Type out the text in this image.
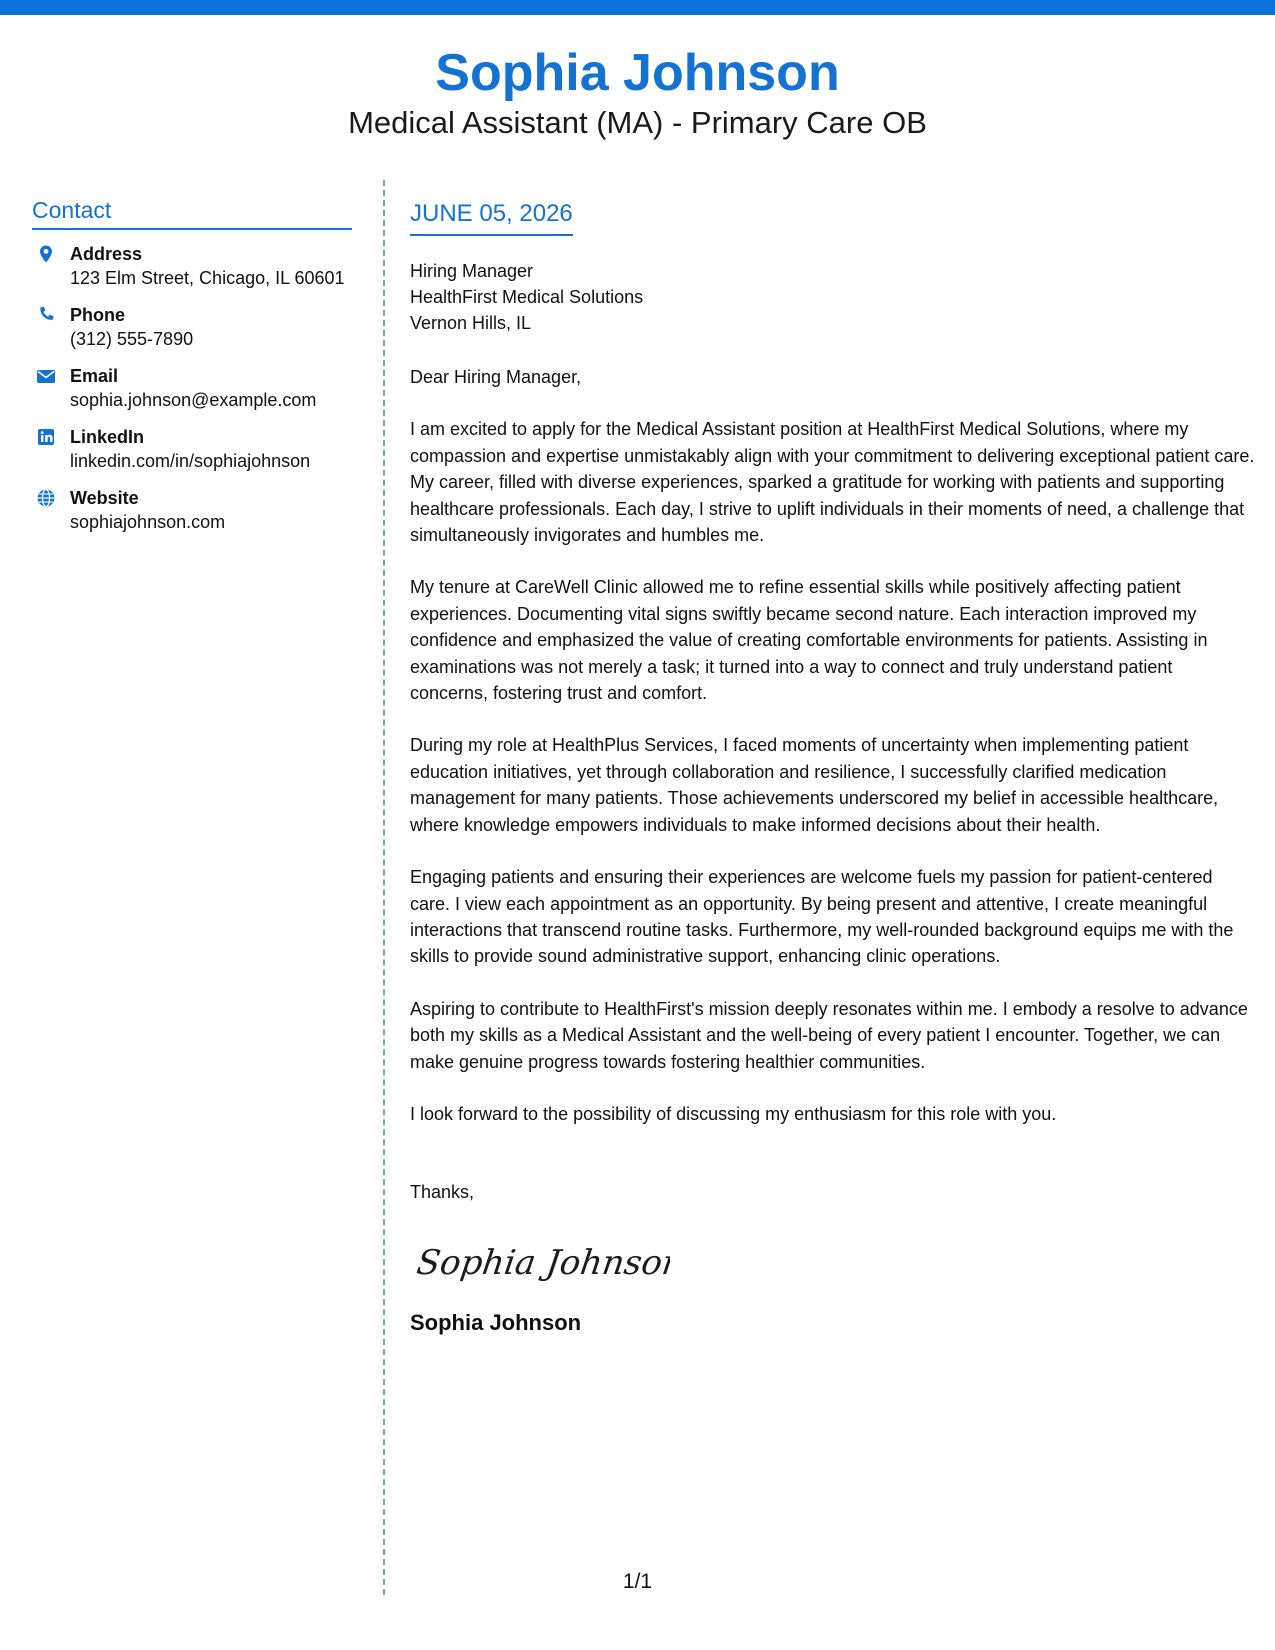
Sophia Johnson
Medical Assistant (MA) - Primary Care OB
Contact
Address
123 Elm Street, Chicago, IL 60601
Phone
(312) 555-7890
Email
sophia.johnson@example.com
LinkedIn
linkedin.com/in/sophiajohnson
Website
sophiajohnson.com
JUNE 05, 2026
Hiring Manager
HealthFirst Medical Solutions
Vernon Hills, IL
Dear Hiring Manager,
I am excited to apply for the Medical Assistant position at HealthFirst Medical Solutions, where my compassion and expertise unmistakably align with your commitment to delivering exceptional patient care. My career, filled with diverse experiences, sparked a gratitude for working with patients and supporting healthcare professionals. Each day, I strive to uplift individuals in their moments of need, a challenge that simultaneously invigorates and humbles me.
My tenure at CareWell Clinic allowed me to refine essential skills while positively affecting patient experiences. Documenting vital signs swiftly became second nature. Each interaction improved my confidence and emphasized the value of creating comfortable environments for patients. Assisting in examinations was not merely a task; it turned into a way to connect and truly understand patient concerns, fostering trust and comfort.
During my role at HealthPlus Services, I faced moments of uncertainty when implementing patient education initiatives, yet through collaboration and resilience, I successfully clarified medication management for many patients. Those achievements underscored my belief in accessible healthcare, where knowledge empowers individuals to make informed decisions about their health.
Engaging patients and ensuring their experiences are welcome fuels my passion for patient-centered care. I view each appointment as an opportunity. By being present and attentive, I create meaningful interactions that transcend routine tasks. Furthermore, my well-rounded background equips me with the skills to provide sound administrative support, enhancing clinic operations.
Aspiring to contribute to HealthFirst's mission deeply resonates within me. I embody a resolve to advance both my skills as a Medical Assistant and the well-being of every patient I encounter. Together, we can make genuine progress towards fostering healthier communities.
I look forward to the possibility of discussing my enthusiasm for this role with you.
Thanks,
Sophia Johnson
Sophia Johnson
1/1
